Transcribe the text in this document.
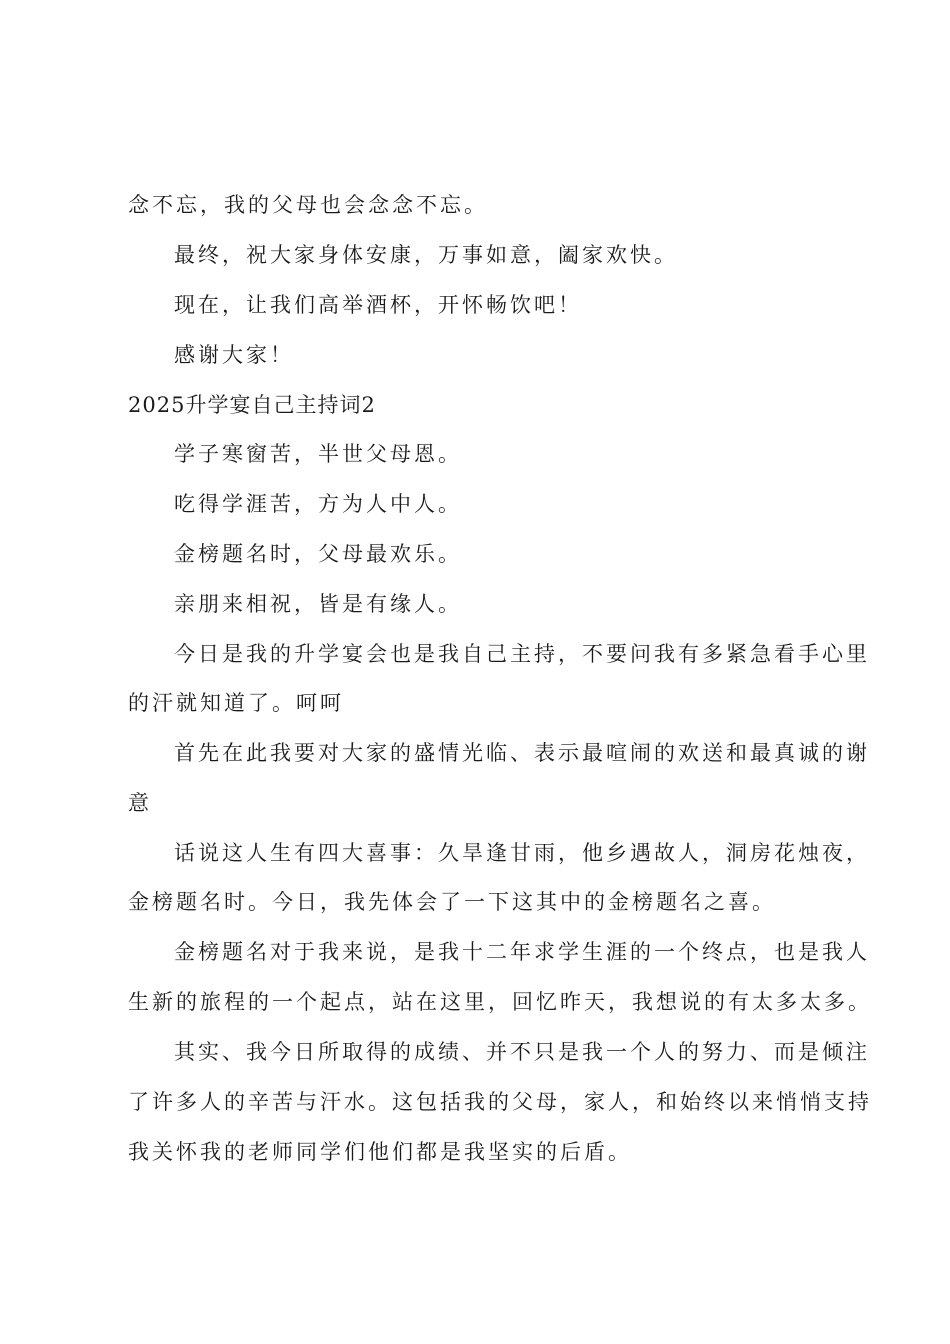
念不忘，我的父母也会念念不忘。
最终，祝大家身体安康，万事如意，阖家欢快。
现在，让我们高举酒杯，开怀畅饮吧！
感谢大家！
2025升学宴自己主持词2
学子寒窗苦，半世父母恩。
吃得学涯苦，方为人中人。
金榜题名时，父母最欢乐。
亲朋来相祝，皆是有缘人。
今日是我的升学宴会也是我自己主持，不要问我有多紧急看手心里
的汗就知道了。呵呵
首先在此我要对大家的盛情光临、表示最喧闹的欢送和最真诚的谢
意
话说这人生有四大喜事：久旱逢甘雨，他乡遇故人，洞房花烛夜，
金榜题名时。今日，我先体会了一下这其中的金榜题名之喜。
金榜题名对于我来说，是我十二年求学生涯的一个终点，也是我人
生新的旅程的一个起点，站在这里，回忆昨天，我想说的有太多太多。
其实、我今日所取得的成绩、并不只是我一个人的努力、而是倾注
了许多人的辛苦与汗水。这包括我的父母，家人，和始终以来悄悄支持
我关怀我的老师同学们他们都是我坚实的后盾。
